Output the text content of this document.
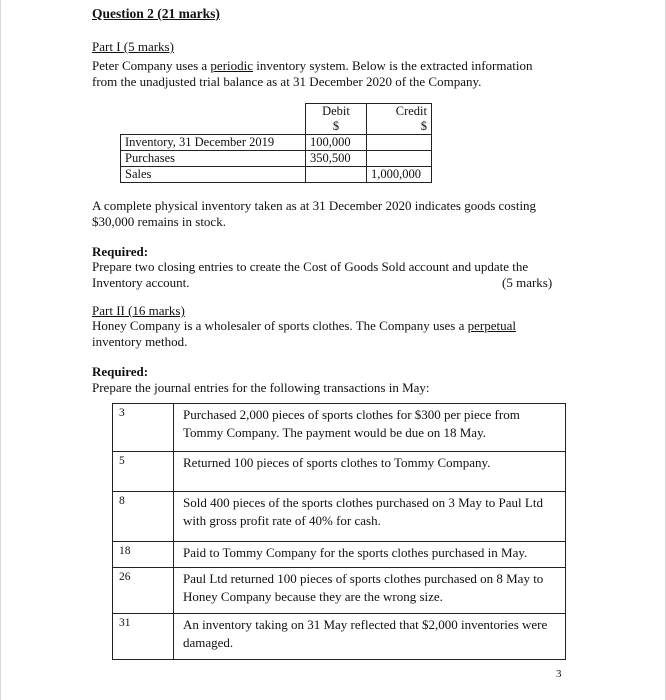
Question 2 (21 marks)
Part I (5 marks)

Peter Company uses a periodic inventory system. Below is the extracted information

from the unadjusted trial balance as at 31 December 2020 of the Company.

	Debit	Credit
	$	$
Inventory, 31 December 2019	100,000	
Purchases	350,500	
Sales		1,000,000

A complete physical inventory taken as at 31 December 2020 indicates goods costing

$30,000 remains in stock.

Required:

Prepare two closing entries to create the Cost of Goods Sold account and update the

Inventory account.	(5 marks)
Part II (16 marks)

Honey Company is a wholesaler of sports clothes. The Company uses a perpetual

inventory method.

Required:
Prepare the journal entries for the following transactions in May:
3	Purchased 2,000 pieces of sports clothes for $300 per piece from

Tommy Company. The payment would be due on 18 May.

5	Returned 100 pieces of sports clothes to Tommy Company.

8	Sold 400 pieces of the sports clothes purchased on 3 May to Paul Ltd

with gross profit rate of 40% for cash.

18	Paid to Tommy Company for the sports clothes purchased in May.

26	Paul Ltd returned 100 pieces of sports clothes purchased on 8 May to

Honey Company because they are the wrong size.

31	An inventory taking on 31 May reflected that $2,000 inventories were

damaged.

3
